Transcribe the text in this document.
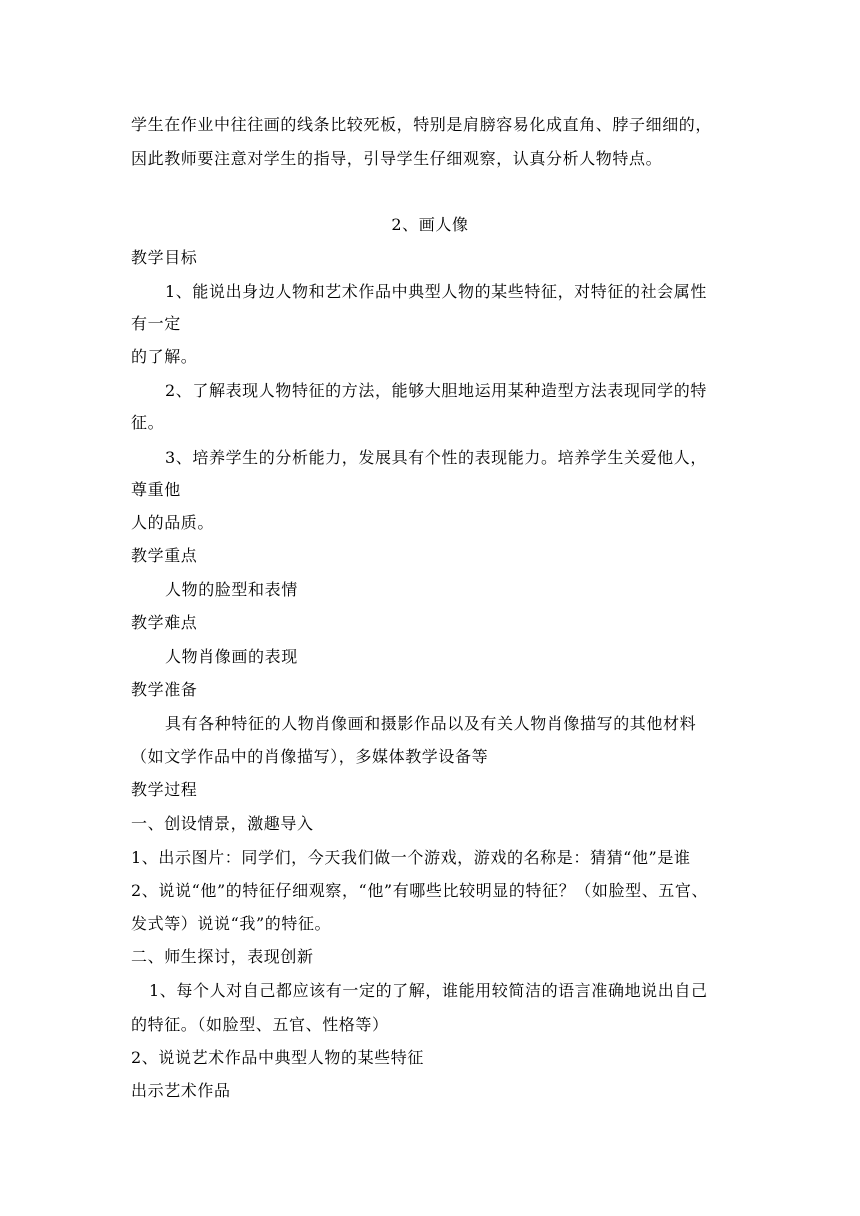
学生在作业中往往画的线条比较死板，特别是肩膀容易化成直角、脖子细细的，
因此教师要注意对学生的指导，引导学生仔细观察，认真分析人物特点。
2、画人像
教学目标
1、能说出身边人物和艺术作品中典型人物的某些特征，对特征的社会属性
有一定
的了解。
2、了解表现人物特征的方法，能够大胆地运用某种造型方法表现同学的特
征。
3、培养学生的分析能力，发展具有个性的表现能力。培养学生关爱他人，
尊重他
人的品质。
教学重点
人物的脸型和表情
教学难点
人物肖像画的表现
教学准备
具有各种特征的人物肖像画和摄影作品以及有关人物肖像描写的其他材料
（如文学作品中的肖像描写），多媒体教学设备等
教学过程
一、创设情景，激趣导入
1、出示图片：同学们，今天我们做一个游戏，游戏的名称是：猜猜“他”是谁
2、说说“他”的特征仔细观察，“他”有哪些比较明显的特征？（如脸型、五官、
发式等）说说“我”的特征。
二、师生探讨，表现创新
1、每个人对自己都应该有一定的了解，谁能用较简洁的语言准确地说出自己
的特征。（如脸型、五官、性格等）
2、说说艺术作品中典型人物的某些特征
出示艺术作品
